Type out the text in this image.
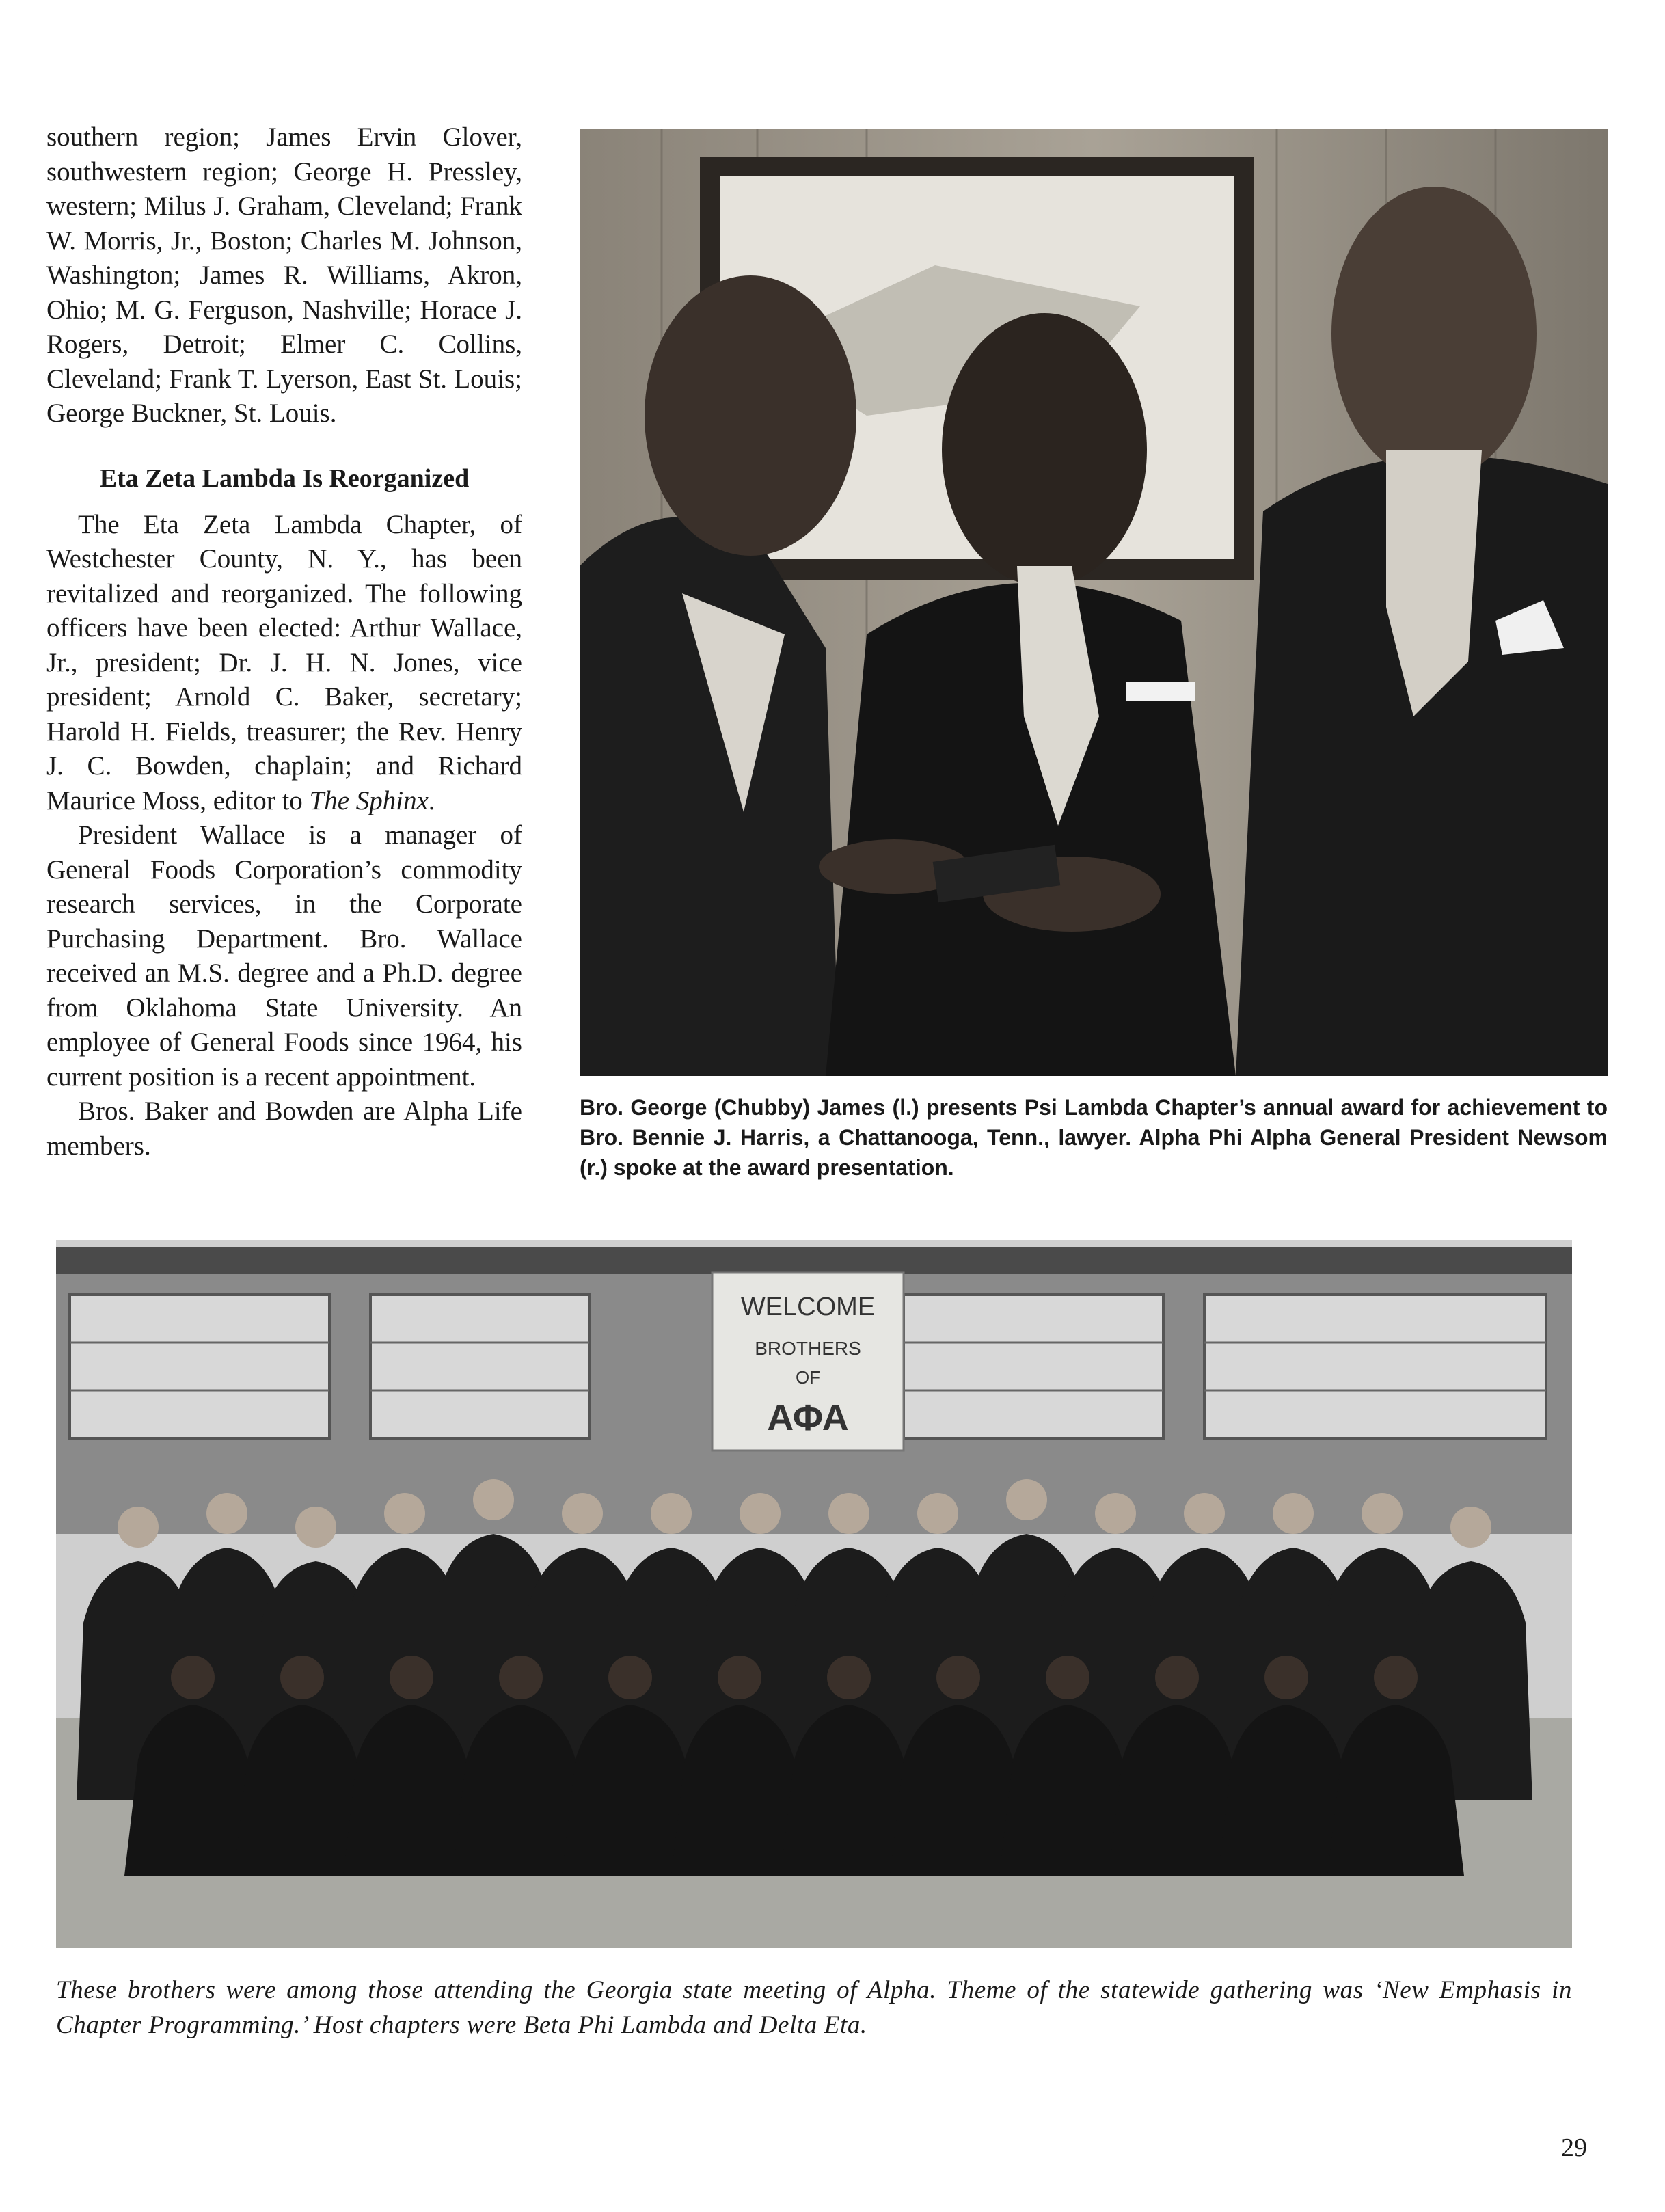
southern region; James Ervin Glover, southwestern region; George H. Pressley, western; Milus J. Graham, Cleveland; Frank W. Morris, Jr., Boston; Charles M. Johnson, Washington; James R. Williams, Akron, Ohio; M. G. Ferguson, Nashville; Horace J. Rogers, Detroit; Elmer C. Collins, Cleveland; Frank T. Lyerson, East St. Louis; George Buckner, St. Louis.

Eta Zeta Lambda Is Reorganized

The Eta Zeta Lambda Chapter, of Westchester County, N. Y., has been revitalized and reorganized. The following officers have been elected: Arthur Wallace, Jr., president; Dr. J. H. N. Jones, vice president; Arnold C. Baker, secretary; Harold H. Fields, treasurer; the Rev. Henry J. C. Bowden, chaplain; and Richard Maurice Moss, editor to The Sphinx.

President Wallace is a manager of General Foods Corporation’s commodity research services, in the Corporate Purchasing Department. Bro. Wallace received an M.S. degree and a Ph.D. degree from Oklahoma State University. An employee of General Foods since 1964, his current position is a recent appointment.

Bros. Baker and Bowden are Alpha Life members.

Bro. George (Chubby) James (l.) presents Psi Lambda Chapter’s annual award for achievement to Bro. Bennie J. Harris, a Chattanooga, Tenn., lawyer. Alpha Phi Alpha General President Newsom (r.) spoke at the award presentation.
WELCOME
BROTHERS
OF
ΑΦΑ
These brothers were among those attending the Georgia state meeting of Alpha. Theme of the statewide gathering was ‘New Emphasis in Chapter Programming.’ Host chapters were Beta Phi Lambda and Delta Eta.
29
